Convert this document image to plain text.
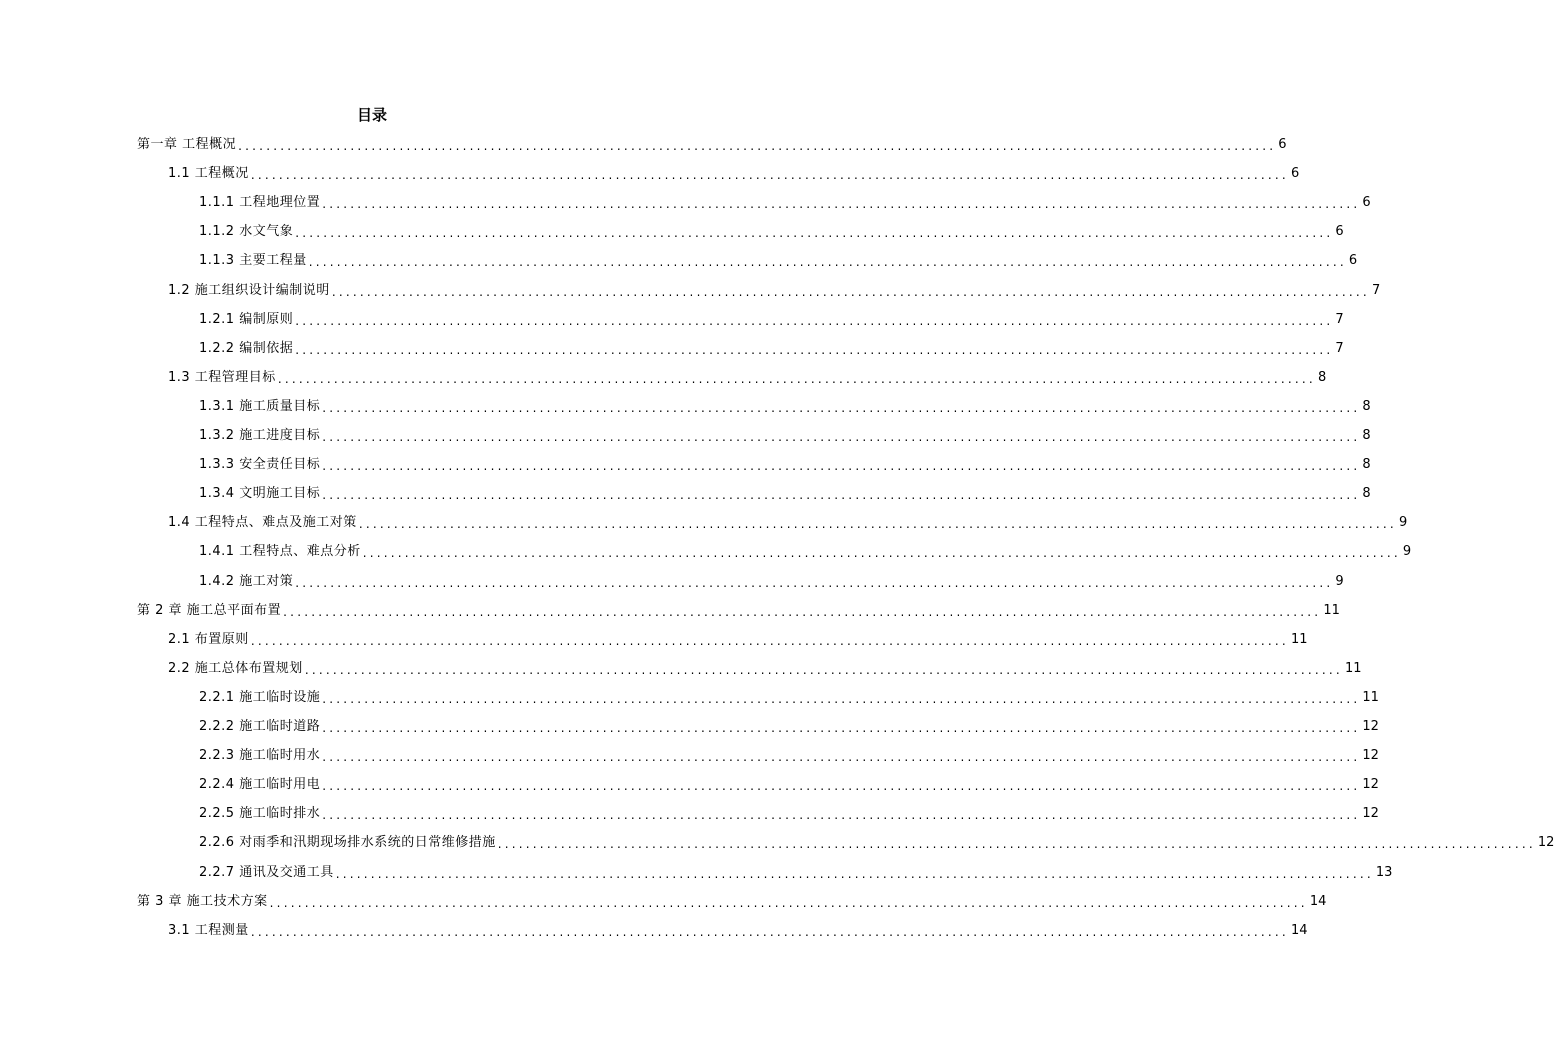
目录
第一章 工程概况 .................................................................................................................................................... 6
1.1 工程概况 .................................................................................................................................................... 6
1.1.1 工程地理位置 .................................................................................................................................................... 6
1.1.2 水文气象 .................................................................................................................................................... 6
1.1.3 主要工程量 .................................................................................................................................................... 6
1.2 施工组织设计编制说明 .................................................................................................................................................... 7
1.2.1 编制原则 .................................................................................................................................................... 7
1.2.2 编制依据 .................................................................................................................................................... 7
1.3 工程管理目标 .................................................................................................................................................... 8
1.3.1 施工质量目标 .................................................................................................................................................... 8
1.3.2 施工进度目标 .................................................................................................................................................... 8
1.3.3 安全责任目标 .................................................................................................................................................... 8
1.3.4 文明施工目标 .................................................................................................................................................... 8
1.4 工程特点、难点及施工对策 .................................................................................................................................................... 9
1.4.1 工程特点、难点分析 .................................................................................................................................................... 9
1.4.2 施工对策 .................................................................................................................................................... 9
第 2 章 施工总平面布置 .................................................................................................................................................... 11
2.1 布置原则 .................................................................................................................................................... 11
2.2 施工总体布置规划 .................................................................................................................................................... 11
2.2.1 施工临时设施 .................................................................................................................................................... 11
2.2.2 施工临时道路 .................................................................................................................................................... 12
2.2.3 施工临时用水 .................................................................................................................................................... 12
2.2.4 施工临时用电 .................................................................................................................................................... 12
2.2.5 施工临时排水 .................................................................................................................................................... 12
2.2.6 对雨季和汛期现场排水系统的日常维修措施 .................................................................................................................................................... 12
2.2.7 通讯及交通工具 .................................................................................................................................................... 13
第 3 章 施工技术方案 .................................................................................................................................................... 14
3.1 工程测量 .................................................................................................................................................... 14
